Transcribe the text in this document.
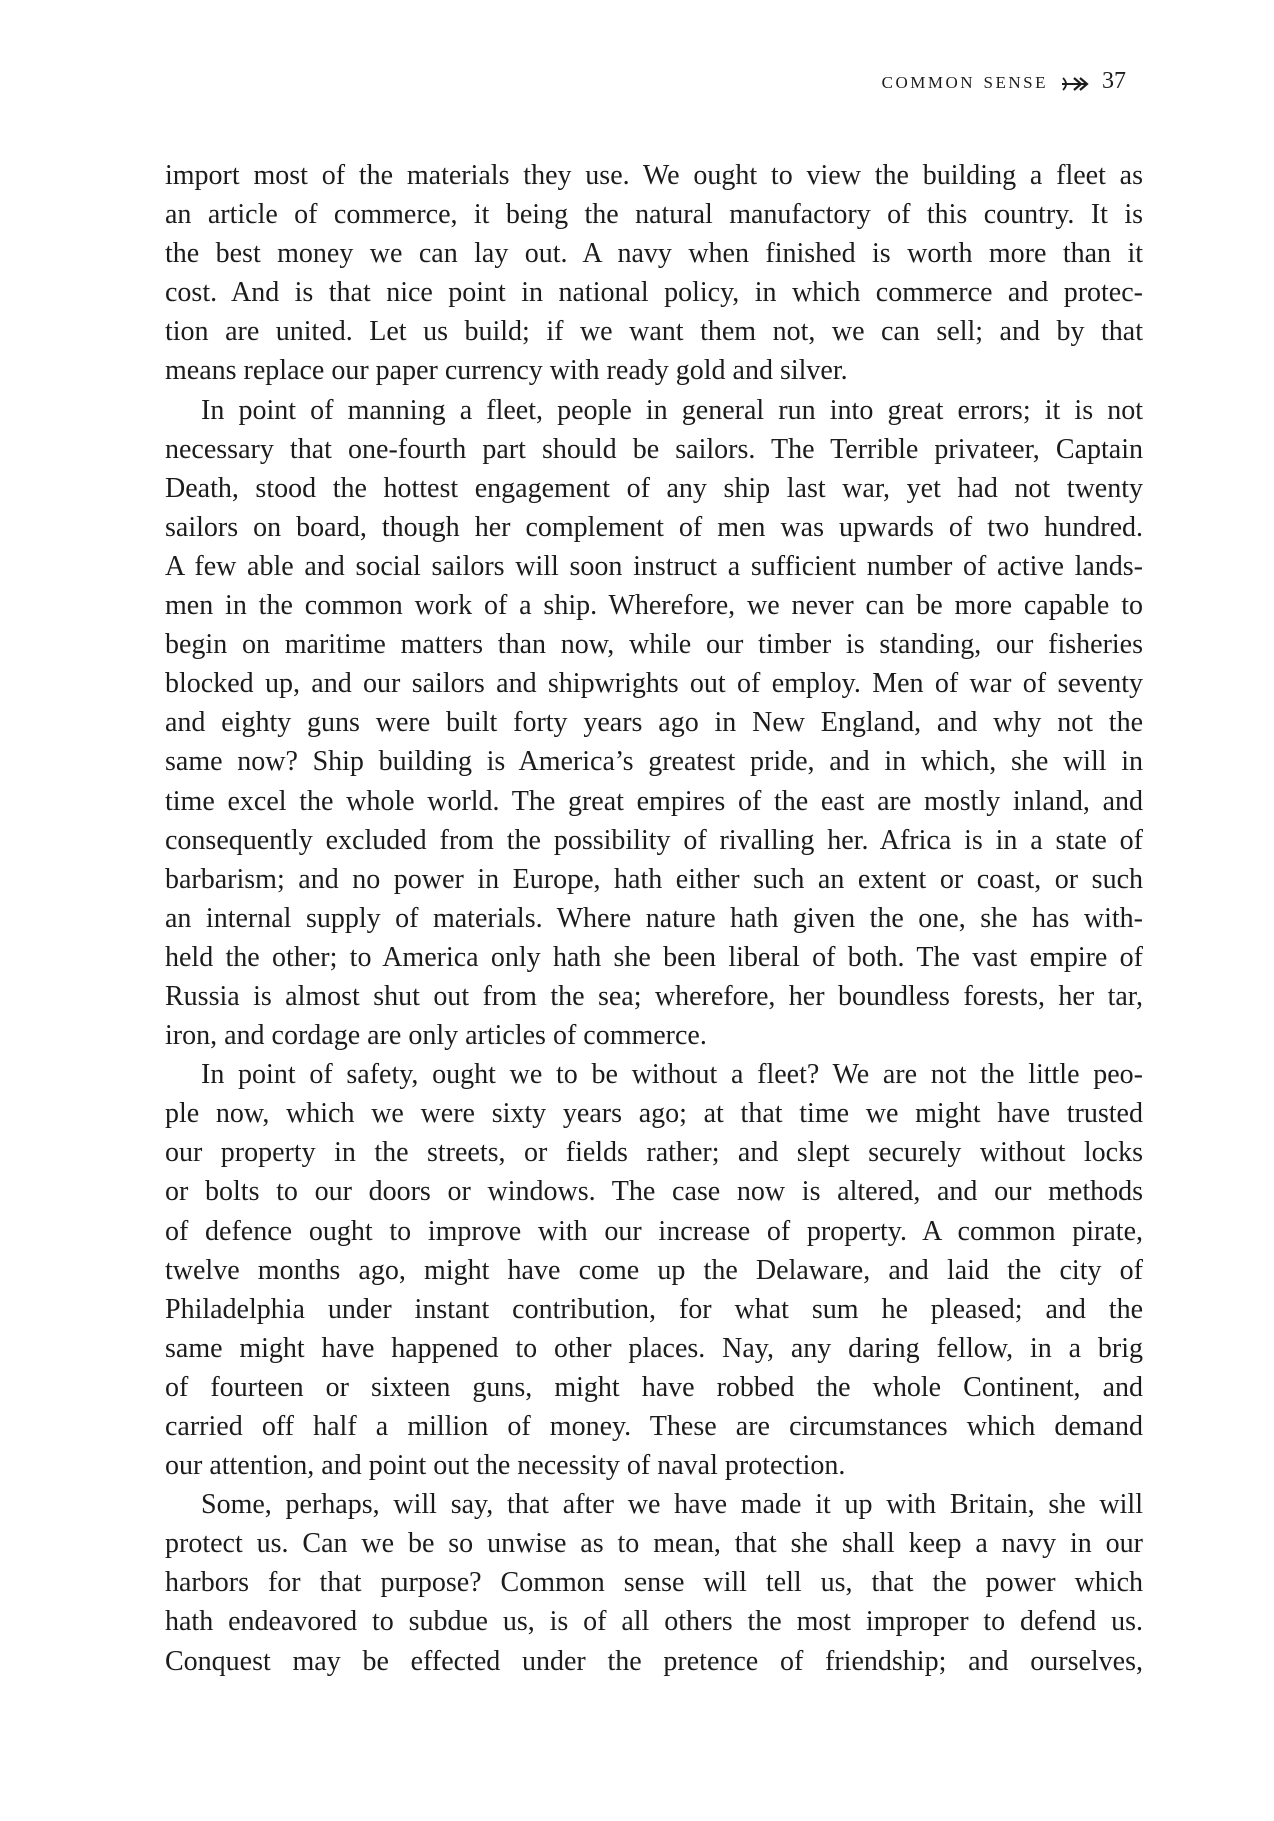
common sense 37

import most of the materials they use. We ought to view the building a fleet as
an article of commerce, it being the natural manufactory of this country. It is
the best money we can lay out. A navy when finished is worth more than it
cost. And is that nice point in national policy, in which commerce and protec-
tion are united. Let us build; if we want them not, we can sell; and by that
means replace our paper currency with ready gold and silver.

In point of manning a fleet, people in general run into great errors; it is not
necessary that one-fourth part should be sailors. The Terrible privateer, Captain
Death, stood the hottest engagement of any ship last war, yet had not twenty
sailors on board, though her complement of men was upwards of two hundred.
A few able and social sailors will soon instruct a sufficient number of active lands-
men in the common work of a ship. Wherefore, we never can be more capable to
begin on maritime matters than now, while our timber is standing, our fisheries
blocked up, and our sailors and shipwrights out of employ. Men of war of seventy
and eighty guns were built forty years ago in New England, and why not the
same now? Ship building is America’s greatest pride, and in which, she will in
time excel the whole world. The great empires of the east are mostly inland, and
consequently excluded from the possibility of rivalling her. Africa is in a state of
barbarism; and no power in Europe, hath either such an extent or coast, or such
an internal supply of materials. Where nature hath given the one, she has with-
held the other; to America only hath she been liberal of both. The vast empire of
Russia is almost shut out from the sea; wherefore, her boundless forests, her tar,
iron, and cordage are only articles of commerce.

In point of safety, ought we to be without a fleet? We are not the little peo-
ple now, which we were sixty years ago; at that time we might have trusted
our property in the streets, or fields rather; and slept securely without locks
or bolts to our doors or windows. The case now is altered, and our methods
of defence ought to improve with our increase of property. A common pirate,
twelve months ago, might have come up the Delaware, and laid the city of
Philadelphia under instant contribution, for what sum he pleased; and the
same might have happened to other places. Nay, any daring fellow, in a brig
of fourteen or sixteen guns, might have robbed the whole Continent, and
carried off half a million of money. These are circumstances which demand
our attention, and point out the necessity of naval protection.

Some, perhaps, will say, that after we have made it up with Britain, she will
protect us. Can we be so unwise as to mean, that she shall keep a navy in our
harbors for that purpose? Common sense will tell us, that the power which
hath endeavored to subdue us, is of all others the most improper to defend us.
Conquest may be effected under the pretence of friendship; and ourselves,
